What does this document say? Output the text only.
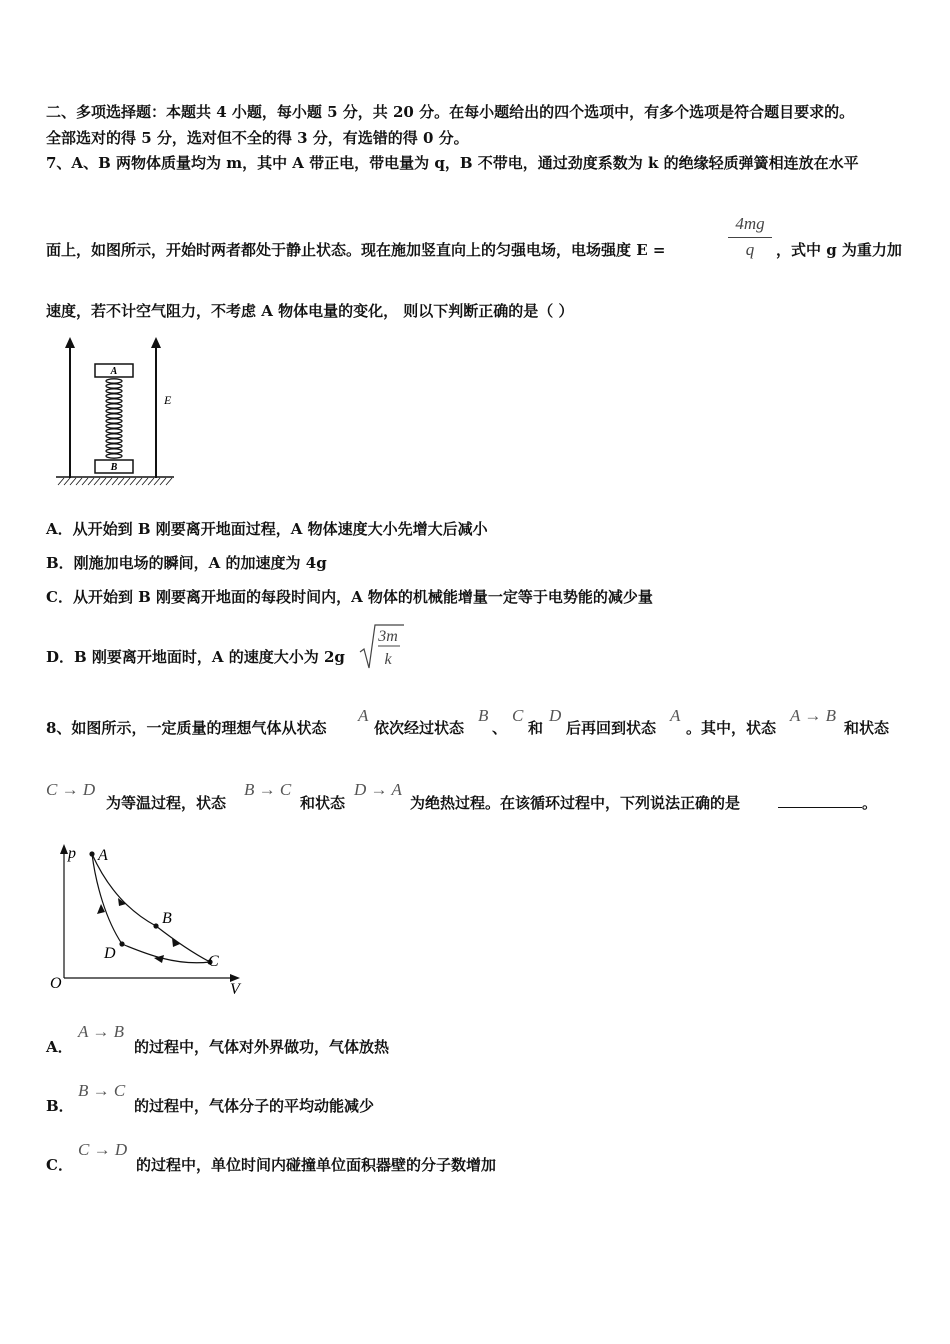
二、多项选择题：本题共 4 小题，每小题 5 分，共 20 分。在每小题给出的四个选项中，有多个选项是符合题目要求的。
全部选对的得 5 分，选对但不全的得 3 分，有选错的得 0 分。
7、A、B 两物体质量均为 m，其中 A 带正电，带电量为 q，B 不带电，通过劲度系数为 k 的绝缘轻质弹簧相连放在水平
面上，如图所示，开始时两者都处于静止状态。现在施加竖直向上的匀强电场，电场强度 E =
4mg
q	，式中 g 为重力加
速度，若不计空气阻力，不考虑 A 物体电量的变化， 则以下判断正确的是（ ）
A
B
E
A．从开始到 B 刚要离开地面过程，A 物体速度大小先增大后减小
B．刚施加电场的瞬间，A 的加速度为 4g
C．从开始到 B 刚要离开地面的每段时间内，A 物体的机械能增量一定等于电势能的减少量
D．B 刚要离开地面时，A 的速度大小为 2g
3m
k
8、如图所示，一定质量的理想气体从状态
A
依次经过状态
B
、
C
和
D
后再回到状态
A
。其中，状态
A → B
和状态
C → D
为等温过程，状态
B → C
和状态
D → A
为绝热过程。在该循环过程中，下列说法正确的是	。
p
V
O
A
B
C
D
A．
A → B
的过程中，气体对外界做功，气体放热
B．
B → C
的过程中，气体分子的平均动能减少
C．
C → D
的过程中，单位时间内碰撞单位面积器壁的分子数增加
